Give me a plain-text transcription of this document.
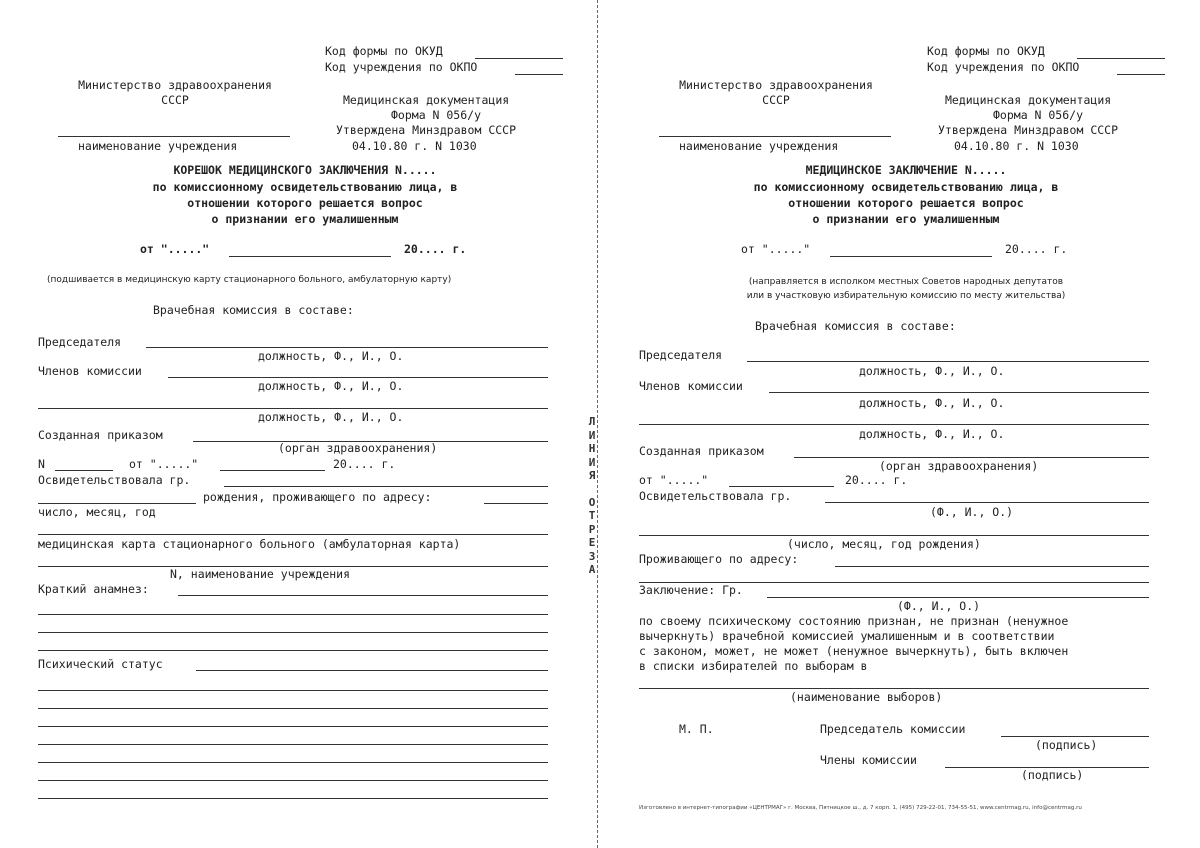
Код формы по ОКУД
Код учреждения по ОКПО
Министерство здравоохранения
СССР	Медицинская документация
Форма N 056/у
Утверждена Минздравом СССР
наименование учреждения	04.10.80 г. N 1030
КОРЕШОК МЕДИЦИНСКОГО ЗАКЛЮЧЕНИЯ N.....
по комиссионному освидетельствованию лица, в
отношении которого решается вопрос
о признании его умалишенным
от "....."	20.... г.
(подшивается в медицинскую карту стационарного больного, амбулаторную карту)
Врачебная комиссия в составе:
Председателя
должность, Ф., И., О.
Членов комиссии
должность, Ф., И., О.
должность, Ф., И., О.
Созданная приказом
(орган здравоохранения)
N	от "....."	20.... г.
Освидетельствовала гр.
рождения, проживающего по адресу:
число, месяц, год
медицинская карта стационарного больного (амбулаторная карта)
N, наименование учреждения
Краткий анамнез:
Психический статус
Л
И
Н
И
Я
О
Т
Р
Е
З
А
Код формы по ОКУД
Код учреждения по ОКПО
Министерство здравоохранения
СССР	Медицинская документация
Форма N 056/у
Утверждена Минздравом СССР
наименование учреждения	04.10.80 г. N 1030
МЕДИЦИНСКОЕ ЗАКЛЮЧЕНИЕ N.....
по комиссионному освидетельствованию лица, в
отношении которого решается вопрос
о признании его умалишенным
от "....."	20.... г.
(направляется в исполком местных Советов народных депутатов
или в участковую избирательную комиссию по месту жительства)
Врачебная комиссия в составе:
Председателя
должность, Ф., И., О.
Членов комиссии
должность, Ф., И., О.
должность, Ф., И., О.
Созданная приказом
(орган здравоохранения)
от "....."	20.... г.
Освидетельствовала гр.
(Ф., И., О.)
(число, месяц, год рождения)
Проживающего по адресу:
Заключение: Гр.
(Ф., И., О.)
по своему психическому состоянию признан, не признан (ненужное
вычеркнуть) врачебной комиссией умалишенным и в соответствии
с законом, может, не может (ненужное вычеркнуть), быть включен
в списки избирателей по выборам в
(наименование выборов)
М. П.	Председатель комиссии
(подпись)
Члены комиссии
(подпись)
Изготовлено в интернет-типографии «ЦЕНТРМАГ» г. Москва, Пятницкое ш., д. 7 корп. 1, (495) 729-22-01, 734-55-51, www.centrmag.ru, info@centrmag.ru
